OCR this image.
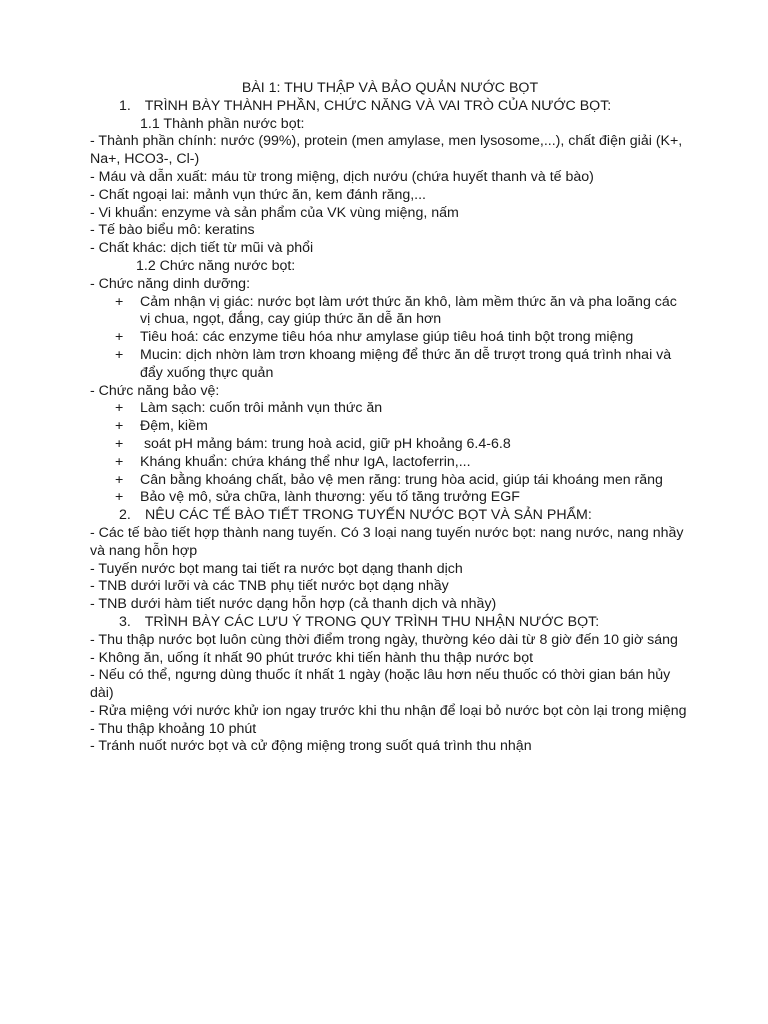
BÀI 1: THU THẬP VÀ BẢO QUẢN NƯỚC BỌT

1. TRÌNH BÀY THÀNH PHẦN, CHỨC NĂNG VÀ VAI TRÒ CỦA NƯỚC BỌT:

1.1 Thành phần nước bọt:

- Thành phần chính: nước (99%), protein (men amylase, men lysosome,...), chất điện giải (K+, Na+, HCO3-, Cl-)

- Máu và dẫn xuất: máu từ trong miệng, dịch nướu (chứa huyết thanh và tế bào)

- Chất ngoại lai: mảnh vụn thức ăn, kem đánh răng,...

- Vi khuẩn: enzyme và sản phẩm của VK vùng miệng, nấm

- Tế bào biểu mô: keratins

- Chất khác: dịch tiết từ mũi và phổi

1.2 Chức năng nước bọt:

- Chức năng dinh dưỡng:

+	Cảm nhận vị giác: nước bọt làm ướt thức ăn khô, làm mềm thức ăn và pha loãng các vị chua, ngọt, đắng, cay giúp thức ăn dễ ăn hơn
+	Tiêu hoá: các enzyme tiêu hóa như amylase giúp tiêu hoá tinh bột trong miệng
+	Mucin: dịch nhờn làm trơn khoang miệng để thức ăn dễ trượt trong quá trình nhai và đẩy xuống thực quản

- Chức năng bảo vệ:

+	Làm sạch: cuốn trôi mảnh vụn thức ăn
+	Đệm, kiềm
+	soát pH mảng bám: trung hoà acid, giữ pH khoảng 6.4-6.8
+	Kháng khuẩn: chứa kháng thể như IgA, lactoferrin,...
+	Cân bằng khoáng chất, bảo vệ men răng: trung hòa acid, giúp tái khoáng men răng
+	Bảo vệ mô, sửa chữa, lành thương: yếu tố tăng trưởng EGF

2. NÊU CÁC TẾ BÀO TIẾT TRONG TUYẾN NƯỚC BỌT VÀ SẢN PHẨM:

- Các tế bào tiết hợp thành nang tuyến. Có 3 loại nang tuyến nước bọt: nang nước, nang nhầy và nang hỗn hợp

- Tuyến nước bọt mang tai tiết ra nước bọt dạng thanh dịch

- TNB dưới lưỡi và các TNB phụ tiết nước bọt dạng nhầy

- TNB dưới hàm tiết nước dạng hỗn hợp (cả thanh dịch và nhầy)

3. TRÌNH BÀY CÁC LƯU Ý TRONG QUY TRÌNH THU NHẬN NƯỚC BỌT:

- Thu thập nước bọt luôn cùng thời điểm trong ngày, thường kéo dài từ 8 giờ đến 10 giờ sáng

- Không ăn, uống ít nhất 90 phút trước khi tiến hành thu thập nước bọt

- Nếu có thể, ngưng dùng thuốc ít nhất 1 ngày (hoặc lâu hơn nếu thuốc có thời gian bán hủy dài)

- Rửa miệng với nước khử ion ngay trước khi thu nhận để loại bỏ nước bọt còn lại trong miệng

- Thu thập khoảng 10 phút

- Tránh nuốt nước bọt và cử động miệng trong suốt quá trình thu nhận
